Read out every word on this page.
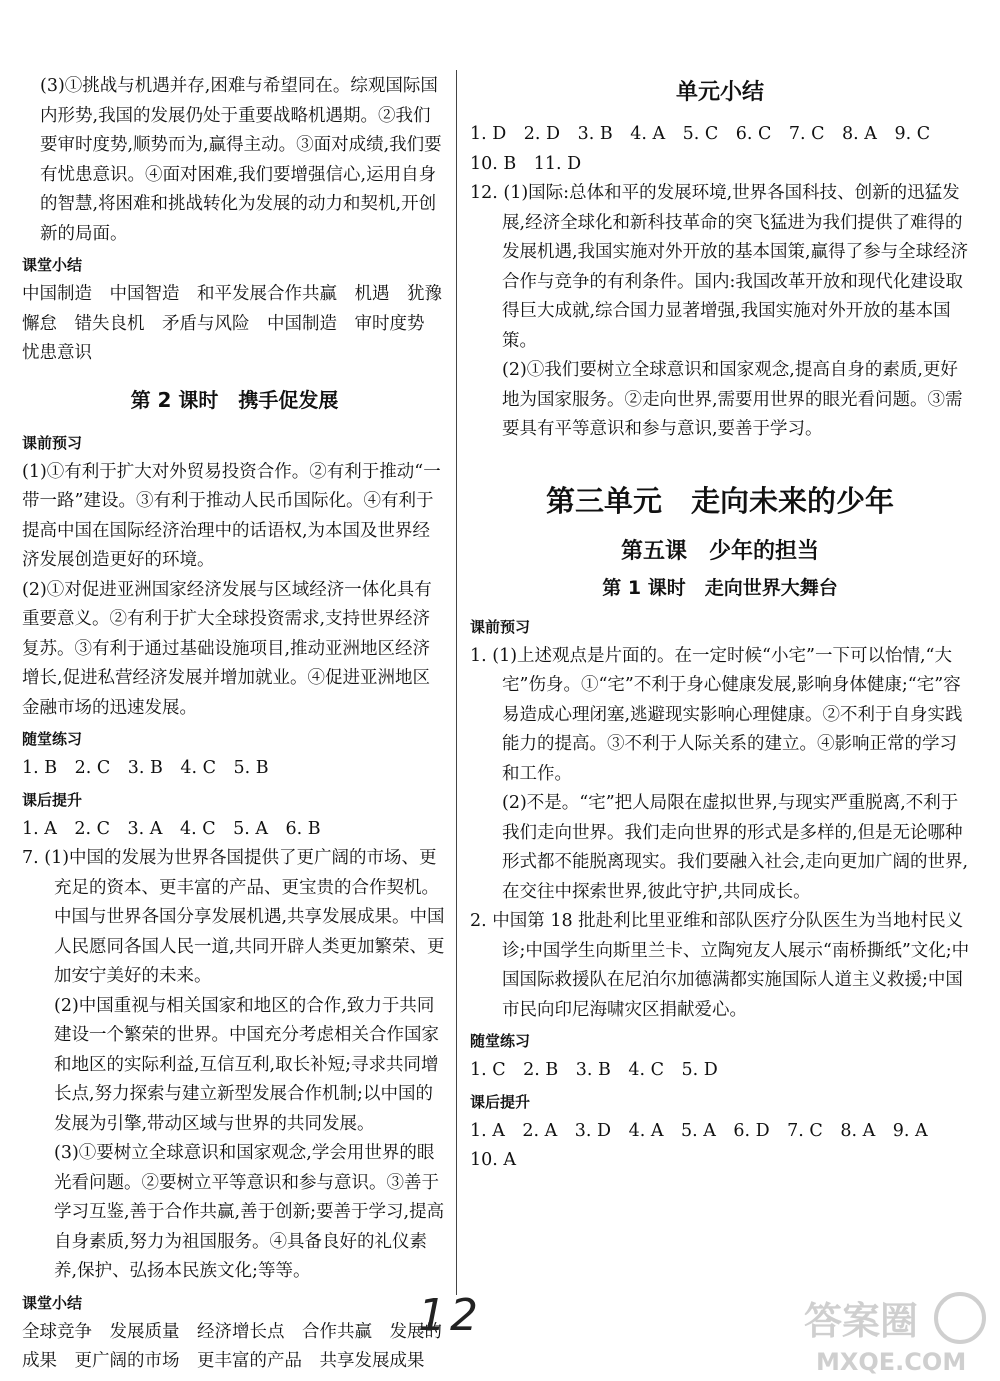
(3)①挑战与机遇并存,困难与希望同在。综观国际国内形势,我国的发展仍处于重要战略机遇期。②我们要审时度势,顺势而为,赢得主动。③面对成绩,我们要有忧患意识。④面对困难,我们要增强信心,运用自身的智慧,将困难和挑战转化为发展的动力和契机,开创新的局面。

课堂小结

中国制造　中国智造　和平发展合作共赢　机遇　犹豫懈怠　错失良机　矛盾与风险　中国制造　审时度势　忧患意识

第 2 课时　携手促发展

课前预习

(1)①有利于扩大对外贸易投资合作。②有利于推动“一带一路”建设。③有利于推动人民币国际化。④有利于提高中国在国际经济治理中的话语权,为本国及世界经济发展创造更好的环境。

(2)①对促进亚洲国家经济发展与区域经济一体化具有重要意义。②有利于扩大全球投资需求,支持世界经济复苏。③有利于通过基础设施项目,推动亚洲地区经济增长,促进私营经济发展并增加就业。④促进亚洲地区金融市场的迅速发展。

随堂练习

1. B　2. C　3. B　4. C　5. B

课后提升

1. A　2. C　3. A　4. C　5. A　6. B

7. (1)中国的发展为世界各国提供了更广阔的市场、更充足的资本、更丰富的产品、更宝贵的合作契机。中国与世界各国分享发展机遇,共享发展成果。中国人民愿同各国人民一道,共同开辟人类更加繁荣、更加安宁美好的未来。

(2)中国重视与相关国家和地区的合作,致力于共同建设一个繁荣的世界。中国充分考虑相关合作国家和地区的实际利益,互信互利,取长补短;寻求共同增长点,努力探索与建立新型发展合作机制;以中国的发展为引擎,带动区域与世界的共同发展。

(3)①要树立全球意识和国家观念,学会用世界的眼光看问题。②要树立平等意识和参与意识。③善于学习互鉴,善于合作共赢,善于创新;要善于学习,提高自身素质,努力为祖国服务。④具备良好的礼仪素养,保护、弘扬本民族文化;等等。

课堂小结

全球竞争　发展质量　经济增长点　合作共赢　发展的成果　更广阔的市场　更丰富的产品　共享发展成果

单元小结

1. D　2. D　3. B　4. A　5. C　6. C　7. C　8. A　9. C

10. B　11. D

12. (1)国际:总体和平的发展环境,世界各国科技、创新的迅猛发展,经济全球化和新科技革命的突飞猛进为我们提供了难得的发展机遇,我国实施对外开放的基本国策,赢得了参与全球经济合作与竞争的有利条件。国内:我国改革开放和现代化建设取得巨大成就,综合国力显著增强,我国实施对外开放的基本国策。

(2)①我们要树立全球意识和国家观念,提高自身的素质,更好地为国家服务。②走向世界,需要用世界的眼光看问题。③需要具有平等意识和参与意识,要善于学习。

第三单元　走向未来的少年

第五课　少年的担当

第 1 课时　走向世界大舞台

课前预习

1. (1)上述观点是片面的。在一定时候“小宅”一下可以怡情,“大宅”伤身。①“宅”不利于身心健康发展,影响身体健康;“宅”容易造成心理闭塞,逃避现实影响心理健康。②不利于自身实践能力的提高。③不利于人际关系的建立。④影响正常的学习和工作。

(2)不是。“宅”把人局限在虚拟世界,与现实严重脱离,不利于我们走向世界。我们走向世界的形式是多样的,但是无论哪种形式都不能脱离现实。我们要融入社会,走向更加广阔的世界,在交往中探索世界,彼此守护,共同成长。

2. 中国第 18 批赴利比里亚维和部队医疗分队医生为当地村民义诊;中国学生向斯里兰卡、立陶宛友人展示“南桥撕纸”文化;中国国际救援队在尼泊尔加德满都实施国际人道主义救援;中国市民向印尼海啸灾区捐献爱心。

随堂练习

1. C　2. B　3. B　4. C　5. D

课后提升

1. A　2. A　3. D　4. A　5. A　6. D　7. C　8. A　9. A

10. A

12	答案圈
MXQE.COM
